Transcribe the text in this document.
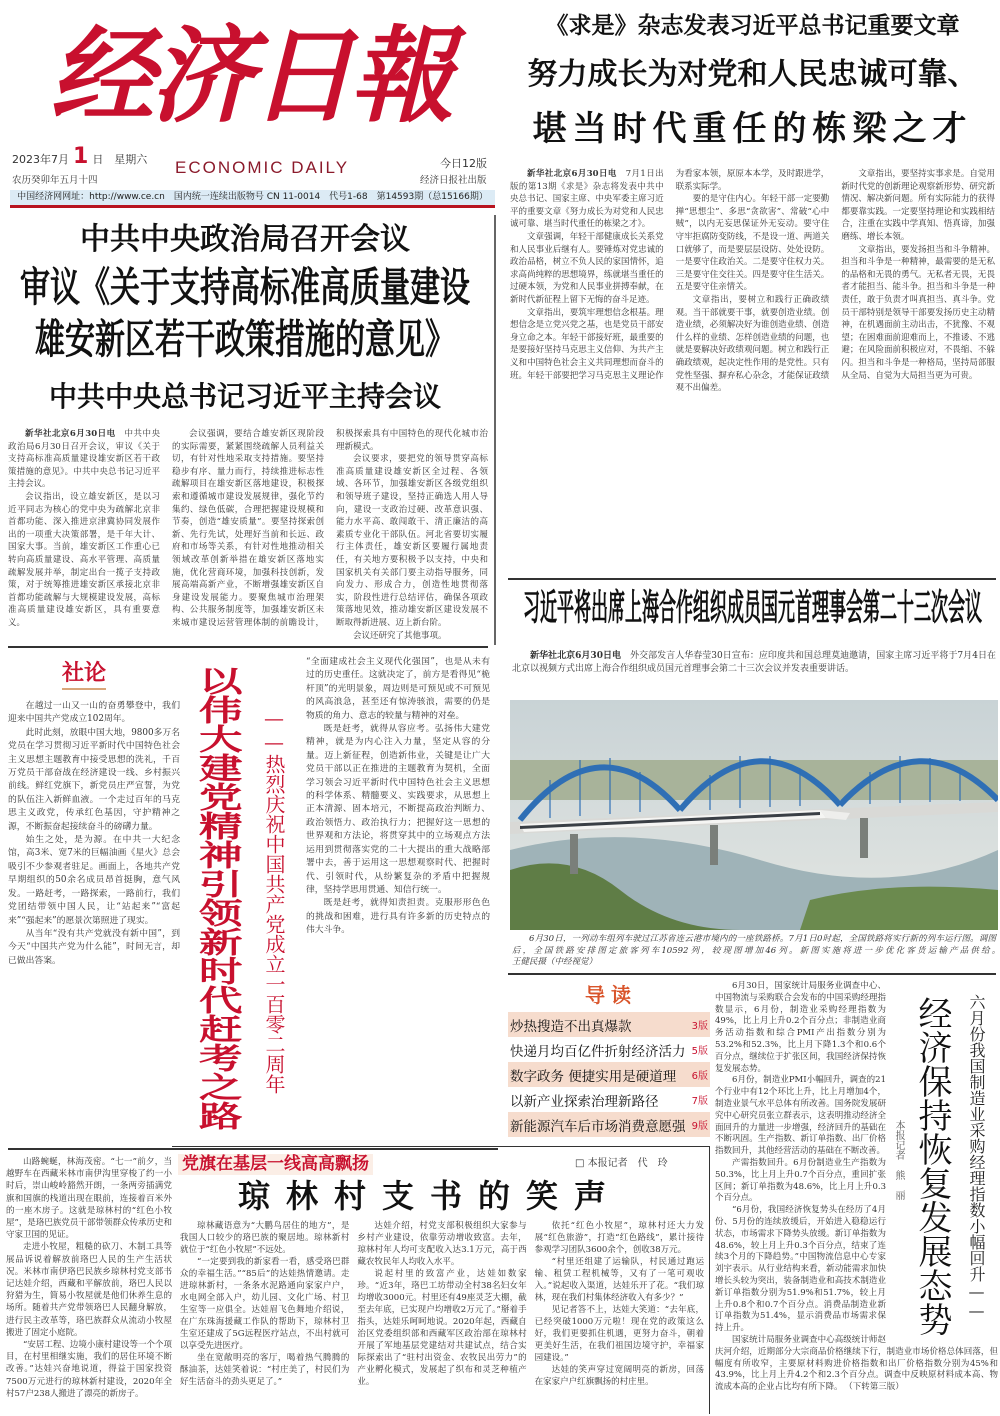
经济日報
2023年7月 1 日　星期六
农历癸卯年五月十四
ECONOMIC DAILY	今日12版
经济日报社出版
中国经济网网址：http://www.ce.cn　国内统一连续出版物号 CN 11-0014　代号1-68　第14593期（总15166期）
中共中央政治局召开会议
审议《关于支持高标准高质量建设
雄安新区若干政策措施的意见》
中共中央总书记习近平主持会议

新华社北京6月30日电　 中共中央政治局6月30日召开会议，审议《关于支持高标准高质量建设雄安新区若干政策措施的意见》。中共中央总书记习近平主持会议。

会议指出，设立雄安新区，是以习近平同志为核心的党中央为疏解北京非首都功能、深入推进京津冀协同发展作出的一项重大决策部署，是千年大计、国家大事。当前，雄安新区工作重心已转向高质量建设、高水平管理、高质量疏解发展并举，制定出台一揽子支持政策，对于统筹推进雄安新区承接北京非首都功能疏解与大规模建设发展，高标准高质量建设雄安新区，具有重要意义。

会议强调，要结合雄安新区现阶段的实际需要，紧紧围绕疏解人员利益关切，有针对性地采取支持措施。要坚持稳步有序、量力而行，持续推进标志性疏解项目在雄安新区落地建设，积极探索和遵循城市建设发展规律，强化节约集约、绿色低碳，合理把握建设规模和节奏，创造“雄安质量”。要坚持探索创新、先行先试，处理好当前和长远、政府和市场等关系，有针对性地推动相关领域改革创新举措在雄安新区落地实施，优化营商环境，加强科技创新，发展高端高新产业，不断增强雄安新区自身建设发展能力。要聚焦城市治理架构、公共服务制度等，加强雄安新区未来城市建设运营管理体制的前瞻设计，积极探索具有中国特色的现代化城市治理新模式。

会议要求，要把党的领导贯穿高标准高质量建设雄安新区全过程、各领域、各环节，加强雄安新区各级党组织和领导班子建设，坚持正确选人用人导向，建设一支政治过硬、改革意识强、能力水平高、敢闯敢干、清正廉洁的高素质专业化干部队伍。河北省要切实履行主体责任，雄安新区要履行属地责任，有关地方要积极予以支持，中央和国家机关有关部门要主动指导服务，同向发力、形成合力，创造性地贯彻落实，阶段性进行总结评估，确保各项政策落地见效，推动雄安新区建设发展不断取得新进展、迈上新台阶。

会议还研究了其他事项。

社论

在越过一山又一山的奋勇攀登中，我们迎来中国共产党成立102周年。

此时此刻，放眼中国大地，9800多万名党员在学习贯彻习近平新时代中国特色社会主义思想主题教育中接受思想的洗礼，千百万党员干部奋战在经济建设一线、乡村振兴前线。鲜红党旗下，新党员庄严宣誓，为党的队伍注入新鲜血液。一个走过百年的马克思主义政党，传承红色基因，守护精神之源，不断振奋起接续奋斗的磅礴力量。

始生之处，是为源。在中共一大纪念馆，高3米、宽7米的巨幅油画《星火》总会吸引不少参观者驻足。画面上，各地共产党早期组织的50余名成员昂首挺胸，意气风发。一路赶考，一路探索，一路前行，我们党团结带领中国人民，让“站起来”“富起来”“强起来”的愿景次第照进了现实。

从当年“没有共产党就没有新中国”，到今天“中国共产党为什么能”，时间无言，却已做出答案。	以伟大建党精神引领新时代赶考之路 ——热烈庆祝中国共产党成立一百零二周年

“全面建成社会主义现代化强国”，也是从未有过的历史重任。这就决定了，前方是看得见“桅杆顶”的光明景象，周边则是可预见或不可预见的风高浪急，甚至还有惊涛骇浪，需要的仍是物质的角力、意志的较量与精神的对垒。

既是赶考，就得从容应考。弘扬伟大建党精神，就是为内心注入力量，坚定从容的分量。迈上新征程，创造新伟业，关键是让广大党员干部以正在推进的主题教育为契机，全面学习领会习近平新时代中国特色社会主义思想的科学体系、精髓要义、实践要求，从思想上正本清源、固本培元，不断提高政治判断力、政治领悟力、政治执行力；把握好这一思想的世界观和方法论，将贯穿其中的立场观点方法运用到贯彻落实党的二十大提出的重大战略部署中去，善于运用这一思想观察时代、把握时代、引领时代，从纷繁复杂的矛盾中把握规律，坚持学思用贯通、知信行统一。

既是赶考，就得知责担责。克服形形色色的挑战和困难，进行具有许多新的历史特点的伟大斗争。

山路蜿蜒，林海茂密。“七一”前夕，当越野车在西藏米林市南伊沟里穿梭了约一小时后，崇山峻岭豁然开朗，一条两旁插满党旗和国旗的栈道出现在眼前，连接着百米外的一座木房子。这就是琼林村的“红色小牧屋”，是珞巴族党员干部带领群众传承历史和守家卫国的见证。

走进小牧屋，粗糙的砍刀、木制工具等展品诉说着解放前珞巴人民的生产生活状况。米林市南伊珞巴民族乡琼林村党支部书记达娃介绍，西藏和平解放前，珞巴人民以狩猎为生，简易小牧屋就是他们休养生息的场所。随着共产党带领珞巴人民翻身解放，进行民主改革等，珞巴族群众从流动小牧屋搬进了固定小庭院。

“安居工程、边境小康村建设等一个个项目，在村里相继实施，我们的居住环境不断改善。”达娃兴奋地说道，得益于国家投资7500万元进行的琼林新村建设，2020年全村57户238人搬进了漂亮的新房子。

党旗在基层一线高高飘扬	□ 本报记者　代　玲
琼林村支书的笑声

琼林藏语意为“大鹏鸟居住的地方”，是我国人口较少的珞巴族的聚居地。琼林新村就位于“红色小牧屋”不远处。

“一定要到我的新家看一看，感受珞巴群众的幸福生活。”“85后”的达娃热情邀请。走进琼林新村，一条条水泥路通向家家户户，水电网全部入户，幼儿园、文化广场、村卫生室等一应俱全。达娃眉飞色舞地介绍说，在广东珠海援藏工作队的帮助下，琼林村卫生室还建成了5G远程医疗站点，不出村就可以享受先进医疗。

坐在宽敞明亮的客厅，喝着热气腾腾的酥油茶，达娃笑着说：“村庄美了，村民们为好生活奋斗的劲头更足了。”

达娃介绍，村党支部积极组织大家参与乡村产业建设，依靠劳动增收致富。去年，琼林村年人均可支配收入达3.1万元，高于西藏农牧民年人均收入水平。

说起村里的致富产业，达娃如数家珍。“近3年，珞巴工坊带动全村38名妇女年均增收3000元。村里还有49座灵芝大棚，截至去年底，已实现户均增收2万元了。”掰着手指头，达娃乐呵呵地说。2020年起，西藏自治区党委组织部和西藏军区政治部在琼林村开展了军地基层党建结对共建试点，结合实际探索出了“驻村出资金、农牧民出劳力”的产业孵化模式，发展起了织布和灵芝种植产业。

依托“红色小牧屋”，琼林村还大力发展“红色旅游”，打造“红色路线”，累计接待参观学习团队3600余个，创收38万元。

“村里还组建了运输队，村民通过跑运输、租赁工程机械等，又有了一笔可观收入。”说起收入渠道，达娃乐开了花。“我们琼林，现在我们村集体经济收入有多少？”

见记者答不上，达娃大笑道：“去年底，已经突破1000万元啦！现在党的政策这么好，我们更要抓住机遇，更努力奋斗，朝着更美好生活，在我们祖国边境守护，幸福家园建设。”

达娃的笑声穿过宽阔明亮的新房，回荡在家家户户红旗飘扬的村庄里。

《求是》杂志发表习近平总书记重要文章
努力成长为对党和人民忠诚可靠、
堪当时代重任的栋梁之才

新华社北京6月30日电　 7月1日出版的第13期《求是》杂志将发表中共中央总书记、国家主席、中央军委主席习近平的重要文章《努力成长为对党和人民忠诚可靠、堪当时代重任的栋梁之才》。

文章强调，年轻干部健康成长关系党和人民事业后继有人。要锤炼对党忠诚的政治品格，树立不负人民的家国情怀，追求高尚纯粹的思想境界，练就堪当重任的过硬本领，为党和人民事业拼搏奉献，在新时代新征程上留下无悔的奋斗足迹。

文章指出，要筑牢理想信念根基。理想信念是立党兴党之基，也是党员干部安身立命之本。年轻干部接好班，最重要的是要接好坚持马克思主义信仰、为共产主义和中国特色社会主义共同理想而奋斗的班。年轻干部要把学习马克思主义理论作为看家本领，原原本本学，及时跟进学，联系实际学。

要的是守住内心。年轻干部一定要勤掸“思想尘”、多思“贪欲害”、常破“心中贼”，以内无妄思保证外无妄动。要守住守牢拒腐防变防线，不是设一道、两道关口就够了，而是要层层设防、处处设防。一是要守住政治关。二是要守住权力关。三是要守住交往关。四是要守住生活关。五是要守住亲情关。

文章指出，要树立和践行正确政绩观。当干部就要干事，就要创造业绩。创造业绩，必须解决好为谁创造业绩、创造什么样的业绩、怎样创造业绩的问题，也就是要解决好政绩观问题。树立和践行正确政绩观，起决定性作用的是党性。只有党性坚强、摒弃私心杂念，才能保证政绩观不出偏差。

文章指出，要坚持实事求是。自觉用新时代党的创新理论观察新形势、研究新情况、解决新问题。所有实际能力的获得都要靠实践。一定要坚持理论和实践相结合，注重在实践中学真知、悟真谛，加强磨练、增长本领。

文章指出，要发扬担当和斗争精神。担当和斗争是一种精神，最需要的是无私的品格和无畏的勇气。无私者无畏，无畏者才能担当、能斗争。担当和斗争是一种责任，敢于负责才叫真担当、真斗争。党员干部特别是领导干部要发扬历史主动精神，在机遇面前主动出击，不犹豫、不观望；在困难面前迎难而上，不推诿、不逃避；在风险面前积极应对，不畏缩、不躲闪。担当和斗争是一种格局，坚持局部服从全局、自觉为大局担当更为可贵。

习近平将出席上海合作组织成员国元首理事会第二十三次会议

新华社北京6月30日电　 外交部发言人华春莹30日宣布：应印度共和国总理莫迪邀请，国家主席习近平将于7月4日在北京以视频方式出席上海合作组织成员国元首理事会第二十三次会议并发表重要讲话。

6月30日，一列动车组列车驶过江苏省连云港市境内的一座铁路桥。7月1日0时起，全国铁路将实行新的列车运行图。调图后，全国铁路安排图定旅客列车10592列，较现图增加46列。新图实施将进一步优化客货运输产品供给。　王健民摄（中经视觉）

导读
炒热搜造不出真爆款	3版
快递月均百亿件折射经济活力 5版
数字政务 便捷实用是硬道理 6版
以新产业探索治理新路径	7版
新能源汽车后市场消费意愿强 9版

6月30日，国家统计局服务业调查中心、中国物流与采购联合会发布的中国采购经理指数显示，6月份，制造业采购经理指数为49%，比上月上升0.2个百分点；非制造业商务活动指数和综合PMI产出指数分别为53.2%和52.3%，比上月下降1.3个和0.6个百分点，继续位于扩张区间，我国经济保持恢复发展态势。

6月份，制造业PMI小幅回升，调查的21个行业中有12个环比上升，比上月增加4个，制造业景气水平总体有所改善。国务院发展研究中心研究员张立群表示，这表明推动经济全面回升的力量进一步增强，经济回升的基础在不断巩固。生产指数、新订单指数、出厂价格指数回升，其他经营活动的基础在不断改善。

产需指数回升。6月份制造业生产指数为50.3%，比上月上升0.7个百分点，重回扩张区间；新订单指数为48.6%，比上月上升0.3个百分点。

“6月份，我国经济恢复势头在经历了4月份、5月份的连续放缓后，开始进入稳稳运行状态，市场需求下降势头放缓。新订单指数为48.6%，较上月上升0.3个百分点，结束了连续3个月的下降趋势。”中国物流信息中心专家刘宇表示。从行业结构来看，新动能需求加快增长头较为突出，装备制造业和高技术制造业新订单指数分别为51.9%和51.7%，较上月上升0.8个和0.7个百分点。消费品制造业新订单指数为51.4%，显示消费品市场需求保持上升。

国家统计局服务业调查中心高级统计师赵庆河介绍，近期部分大宗商品价格继续下行，制造业市场价格总体回落，但幅度有所收窄，主要原材料购进价格指数和出厂价格指数分别为45%和43.9%，比上月上升4.2个和2.3个百分点。调查中反映原材料成本高、物流成本高的企业占比均有所下降。 （下转第三版）

本报记者　熊　丽 经济保持恢复发展态势 六月份我国制造业采购经理指数小幅回升——
